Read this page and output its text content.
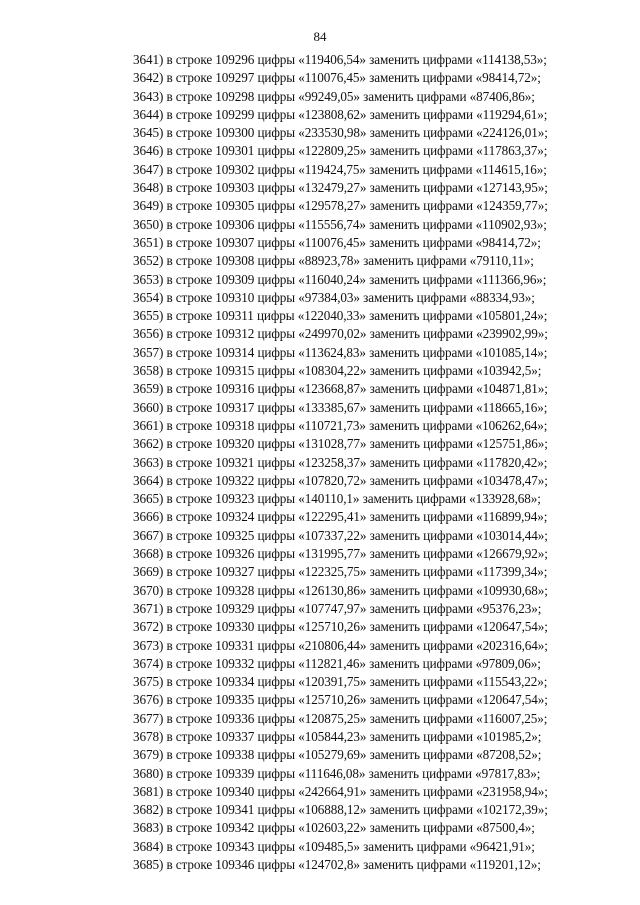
84
3641) в строке 109296 цифры «119406,54» заменить цифрами «114138,53»;
3642) в строке 109297 цифры «110076,45» заменить цифрами «98414,72»;
3643) в строке 109298 цифры «99249,05» заменить цифрами «87406,86»;
3644) в строке 109299 цифры «123808,62» заменить цифрами «119294,61»;
3645) в строке 109300 цифры «233530,98» заменить цифрами «224126,01»;
3646) в строке 109301 цифры «122809,25» заменить цифрами «117863,37»;
3647) в строке 109302 цифры «119424,75» заменить цифрами «114615,16»;
3648) в строке 109303 цифры «132479,27» заменить цифрами «127143,95»;
3649) в строке 109305 цифры «129578,27» заменить цифрами «124359,77»;
3650) в строке 109306 цифры «115556,74» заменить цифрами «110902,93»;
3651) в строке 109307 цифры «110076,45» заменить цифрами «98414,72»;
3652) в строке 109308 цифры «88923,78» заменить цифрами «79110,11»;
3653) в строке 109309 цифры «116040,24» заменить цифрами «111366,96»;
3654) в строке 109310 цифры «97384,03» заменить цифрами «88334,93»;
3655) в строке 109311 цифры «122040,33» заменить цифрами «105801,24»;
3656) в строке 109312 цифры «249970,02» заменить цифрами «239902,99»;
3657) в строке 109314 цифры «113624,83» заменить цифрами «101085,14»;
3658) в строке 109315 цифры «108304,22» заменить цифрами «103942,5»;
3659) в строке 109316 цифры «123668,87» заменить цифрами «104871,81»;
3660) в строке 109317 цифры «133385,67» заменить цифрами «118665,16»;
3661) в строке 109318 цифры «110721,73» заменить цифрами «106262,64»;
3662) в строке 109320 цифры «131028,77» заменить цифрами «125751,86»;
3663) в строке 109321 цифры «123258,37» заменить цифрами «117820,42»;
3664) в строке 109322 цифры «107820,72» заменить цифрами «103478,47»;
3665) в строке 109323 цифры «140110,1» заменить цифрами «133928,68»;
3666) в строке 109324 цифры «122295,41» заменить цифрами «116899,94»;
3667) в строке 109325 цифры «107337,22» заменить цифрами «103014,44»;
3668) в строке 109326 цифры «131995,77» заменить цифрами «126679,92»;
3669) в строке 109327 цифры «122325,75» заменить цифрами «117399,34»;
3670) в строке 109328 цифры «126130,86» заменить цифрами «109930,68»;
3671) в строке 109329 цифры «107747,97» заменить цифрами «95376,23»;
3672) в строке 109330 цифры «125710,26» заменить цифрами «120647,54»;
3673) в строке 109331 цифры «210806,44» заменить цифрами «202316,64»;
3674) в строке 109332 цифры «112821,46» заменить цифрами «97809,06»;
3675) в строке 109334 цифры «120391,75» заменить цифрами «115543,22»;
3676) в строке 109335 цифры «125710,26» заменить цифрами «120647,54»;
3677) в строке 109336 цифры «120875,25» заменить цифрами «116007,25»;
3678) в строке 109337 цифры «105844,23» заменить цифрами «101985,2»;
3679) в строке 109338 цифры «105279,69» заменить цифрами «87208,52»;
3680) в строке 109339 цифры «111646,08» заменить цифрами «97817,83»;
3681) в строке 109340 цифры «242664,91» заменить цифрами «231958,94»;
3682) в строке 109341 цифры «106888,12» заменить цифрами «102172,39»;
3683) в строке 109342 цифры «102603,22» заменить цифрами «87500,4»;
3684) в строке 109343 цифры «109485,5» заменить цифрами «96421,91»;
3685) в строке 109346 цифры «124702,8» заменить цифрами «119201,12»;
